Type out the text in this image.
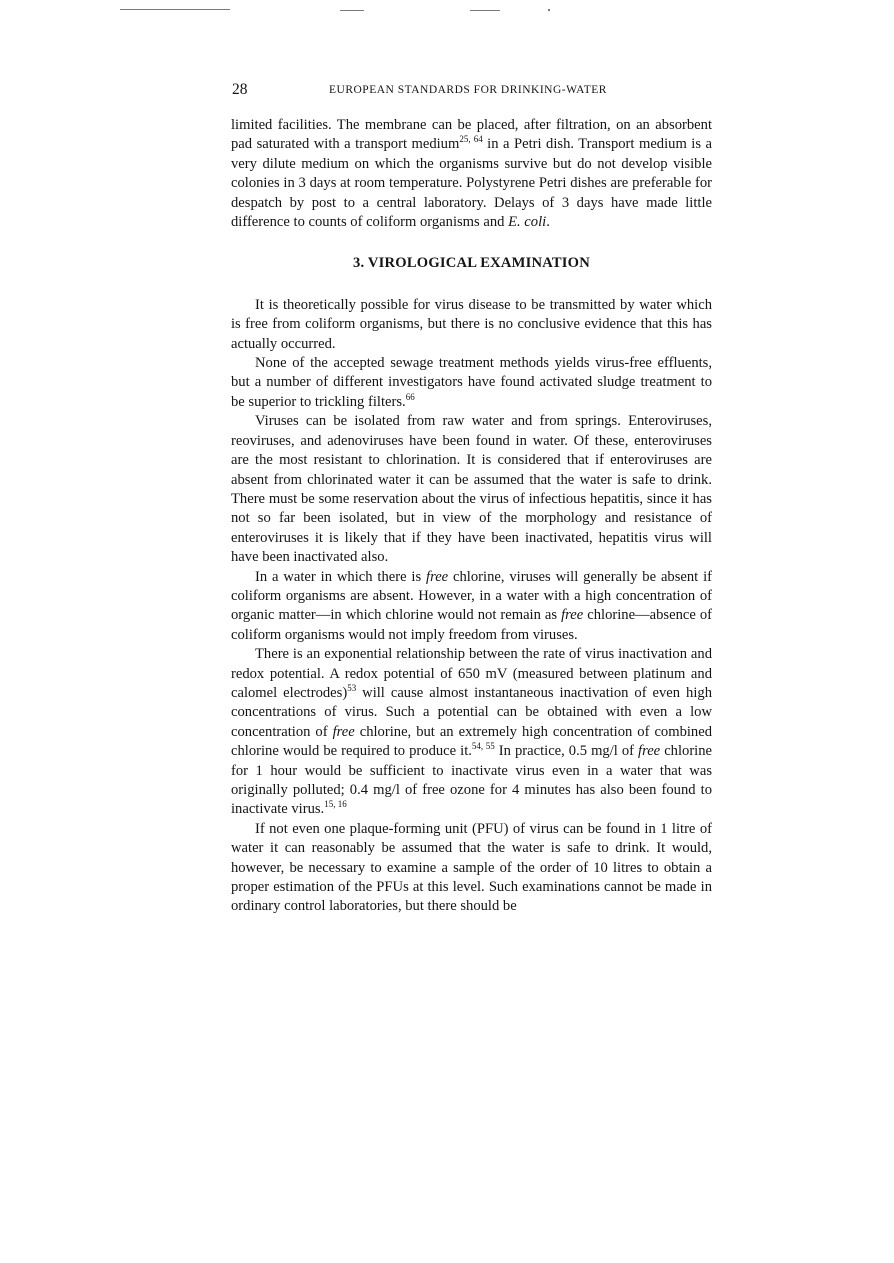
28	EUROPEAN STANDARDS FOR DRINKING-WATER

limited facilities. The membrane can be placed, after filtration, on an absorbent pad saturated with a transport medium$^{25, 64}$ in a Petri dish. Transport medium is a very dilute medium on which the organisms survive but do not develop visible colonies in 3 days at room temperature. Polystyrene Petri dishes are preferable for despatch by post to a central laboratory. Delays of 3 days have made little difference to counts of coliform organisms and E. coli.

3. VIROLOGICAL EXAMINATION

It is theoretically possible for virus disease to be transmitted by water which is free from coliform organisms, but there is no conclusive evidence that this has actually occurred.

None of the accepted sewage treatment methods yields virus-free effluents, but a number of different investigators have found activated sludge treatment to be superior to trickling filters.$^{66}$

Viruses can be isolated from raw water and from springs. Enteroviruses, reoviruses, and adenoviruses have been found in water. Of these, enteroviruses are the most resistant to chlorination. It is considered that if enteroviruses are absent from chlorinated water it can be assumed that the water is safe to drink. There must be some reservation about the virus of infectious hepatitis, since it has not so far been isolated, but in view of the morphology and resistance of enteroviruses it is likely that if they have been inactivated, hepatitis virus will have been inactivated also.

In a water in which there is free chlorine, viruses will generally be absent if coliform organisms are absent. However, in a water with a high concentration of organic matter—in which chlorine would not remain as free chlorine—absence of coliform organisms would not imply freedom from viruses.

There is an exponential relationship between the rate of virus inactivation and redox potential. A redox potential of 650 mV (measured between platinum and calomel electrodes)$^{53}$ will cause almost instantaneous inactivation of even high concentrations of virus. Such a potential can be obtained with even a low concentration of free chlorine, but an extremely high concentration of combined chlorine would be required to produce it.$^{54, 55}$ In practice, 0.5 mg/l of free chlorine for 1 hour would be sufficient to inactivate virus even in a water that was originally polluted; 0.4 mg/l of free ozone for 4 minutes has also been found to inactivate virus.$^{15, 16}$

If not even one plaque-forming unit (PFU) of virus can be found in 1 litre of water it can reasonably be assumed that the water is safe to drink. It would, however, be necessary to examine a sample of the order of 10 litres to obtain a proper estimation of the PFUs at this level. Such examinations cannot be made in ordinary control laboratories, but there should be
